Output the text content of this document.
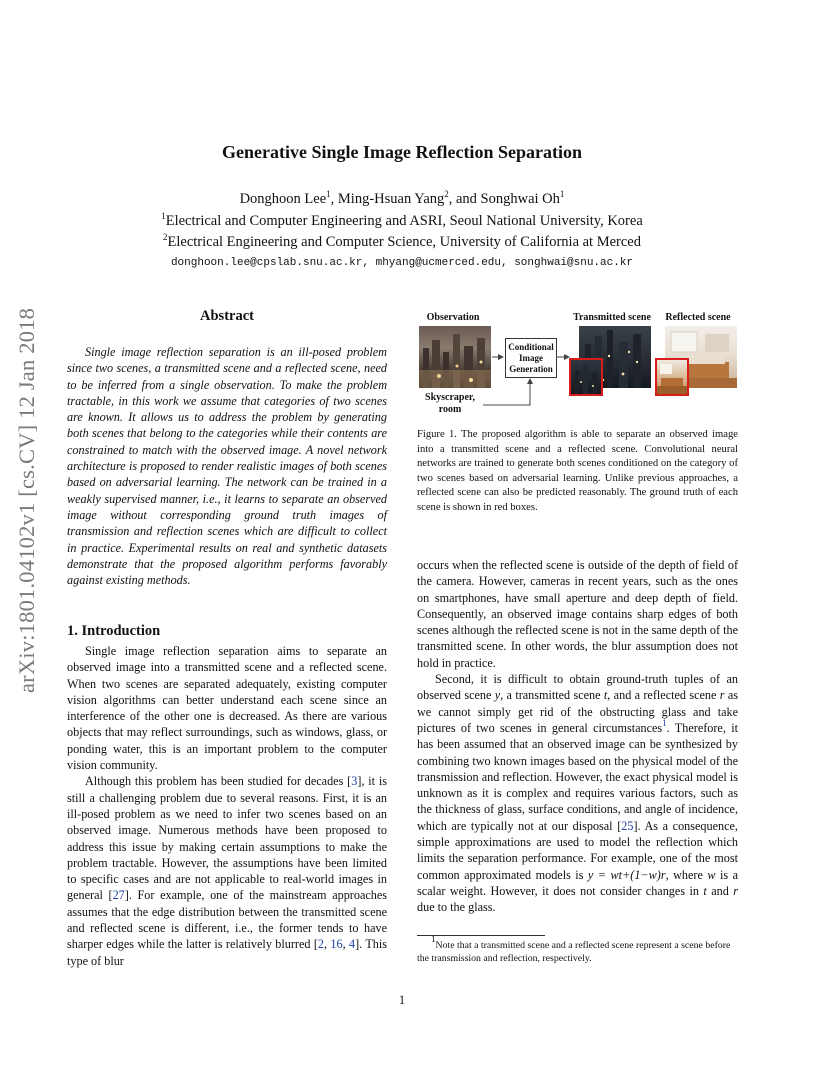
arXiv:1801.04102v1 [cs.CV] 12 Jan 2018
Generative Single Image Reflection Separation
Donghoon Lee$^1$, Ming-Hsuan Yang$^2$, and Songhwai Oh$^1$
$^1$Electrical and Computer Engineering and ASRI, Seoul National University, Korea
$^2$Electrical Engineering and Computer Science, University of California at Merced
donghoon.lee@cpslab.snu.ac.kr, mhyang@ucmerced.edu, songhwai@snu.ac.kr
Abstract

Single image reflection separation is an ill-posed problem since two scenes, a transmitted scene and a reflected scene, need to be inferred from a single observation. To make the problem tractable, in this work we assume that categories of two scenes are known. It allows us to address the problem by generating both scenes that belong to the categories while their contents are constrained to match with the observed image. A novel network architecture is proposed to render realistic images of both scenes based on adversarial learning. The network can be trained in a weakly supervised manner, i.e., it learns to separate an observed image without corresponding ground truth images of transmission and reflection scenes which are difficult to collect in practice. Experimental results on real and synthetic datasets demonstrate that the proposed algorithm performs favorably against existing methods.

1. Introduction

Single image reflection separation aims to separate an observed image into a transmitted scene and a reflected scene. When two scenes are separated adequately, existing computer vision algorithms can better understand each scene since an interference of the other one is decreased. As there are various objects that may reflect surroundings, such as windows, glass, or ponding water, this is an important problem to the computer vision community.

Although this problem has been studied for decades [3], it is still a challenging problem due to several reasons. First, it is an ill-posed problem as we need to infer two scenes based on an observed image. Numerous methods have been proposed to address this issue by making certain assumptions to make the problem tractable. However, the assumptions have been limited to specific cases and are not applicable to real-world images in general [27]. For example, one of the mainstream approaches assumes that the edge distribution between the transmitted scene and reflected scene is different, i.e., the former tends to have sharper edges while the latter is relatively blurred [2, 16, 4]. This type of blur

Observation	Transmitted scene	Reflected scene
Conditional Image Generation
Skyscraper, room
Figure 1. The proposed algorithm is able to separate an observed image into a transmitted scene and a reflected scene. Convolutional neural networks are trained to generate both scenes conditioned on the category of two scenes based on adversarial learning. Unlike previous approaches, a reflected scene can also be predicted reasonably. The ground truth of each scene is shown in red boxes.

occurs when the reflected scene is outside of the depth of field of the camera. However, cameras in recent years, such as the ones on smartphones, have small aperture and deep depth of field. Consequently, an observed image contains sharp edges of both scenes although the reflected scene is not in the same depth of the transmitted scene. In other words, the blur assumption does not hold in practice.

Second, it is difficult to obtain ground-truth tuples of an observed scene y, a transmitted scene t, and a reflected scene r as we cannot simply get rid of the obstructing glass and take pictures of two scenes in general circumstances$^1$. Therefore, it has been assumed that an observed image can be synthesized by combining two known images based on the physical model of the transmission and reflection. However, the exact physical model is unknown as it is complex and requires various factors, such as the thickness of glass, surface conditions, and angle of incidence, which are typically not at our disposal [25]. As a consequence, simple approximations are used to model the reflection which limits the separation performance. For example, one of the most common approximated models is y = wt+(1−w)r, where w is a scalar weight. However, it does not consider changes in t and r due to the glass.

$^1$Note that a transmitted scene and a reflected scene represent a scene before the transmission and reflection, respectively.
1
